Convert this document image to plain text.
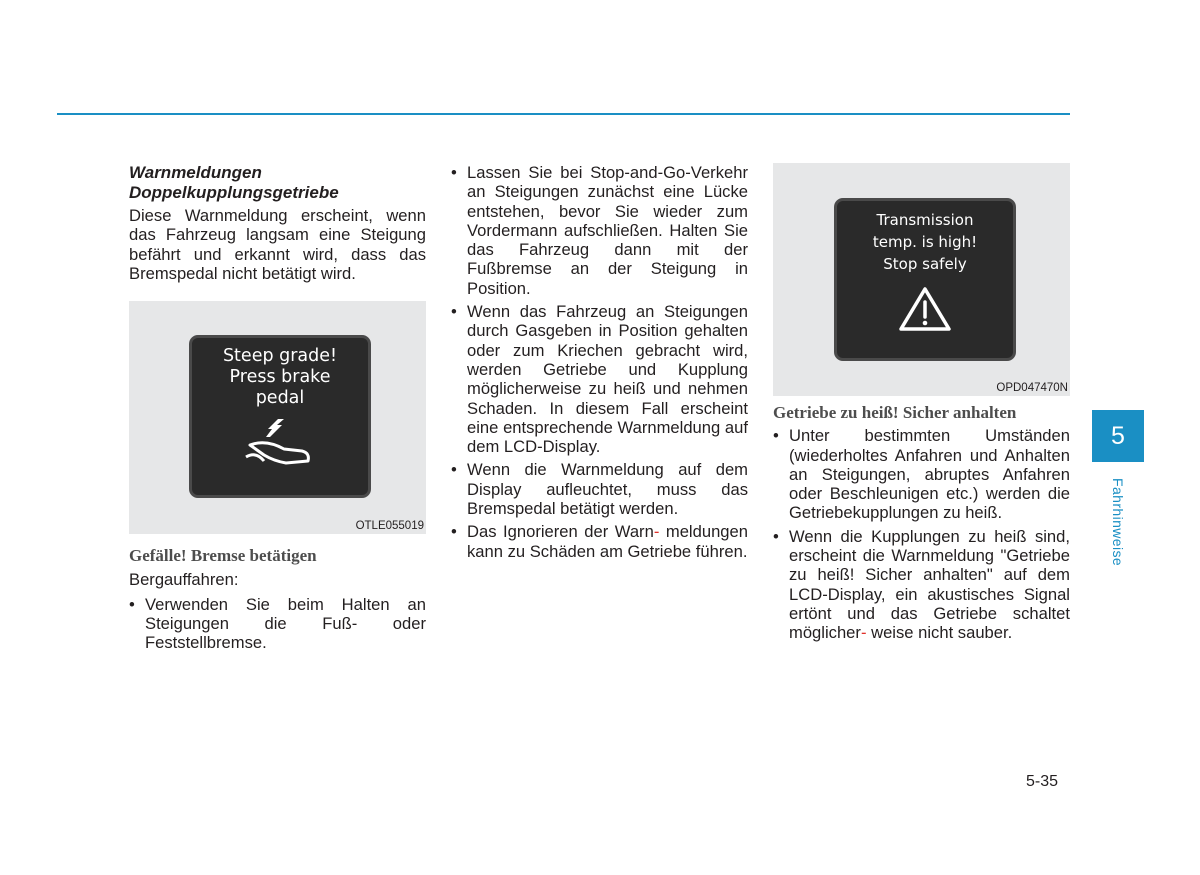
Warnmeldungen
Doppelkupplungsgetriebe

Diese Warnmeldung erscheint, wenn das Fahrzeug langsam eine Steigung befährt und erkannt wird, dass das Bremspedal nicht betätigt wird.

Steep grade!
Press brake
pedal
OTLE055019

Gefälle! Bremse betätigen

Bergauffahren:

• Verwenden Sie beim Halten an Steigungen die Fuß- oder Feststellbremse.
• Lassen Sie bei Stop-and-Go-Verkehr an Steigungen zunächst eine Lücke entstehen, bevor Sie wieder zum Vordermann aufschließen. Halten Sie das Fahrzeug dann mit der Fußbremse an der Steigung in Position.
• Wenn das Fahrzeug an Steigungen durch Gasgeben in Position gehalten oder zum Kriechen gebracht wird, werden Getriebe und Kupplung möglicherweise zu heiß und nehmen Schaden. In diesem Fall erscheint eine entsprechende Warnmeldung auf dem LCD-Display.
• Wenn die Warnmeldung auf dem Display aufleuchtet, muss das Bremspedal betätigt werden.
• Das Ignorieren der Warn- meldungen kann zu Schäden am Getriebe führen.
Transmission
temp. is high!
Stop safely
OPD047470N

Getriebe zu heiß! Sicher anhalten

• Unter bestimmten Umständen (wiederholtes Anfahren und Anhalten an Steigungen, abruptes Anfahren oder Beschleunigen etc.) werden die Getriebekupplungen zu heiß.
• Wenn die Kupplungen zu heiß sind, erscheint die Warnmeldung "Getriebe zu heiß! Sicher anhalten" auf dem LCD-Display, ein akustisches Signal ertönt und das Getriebe schaltet möglicher- weise nicht sauber.
5
Fahrhinweise
5-35
